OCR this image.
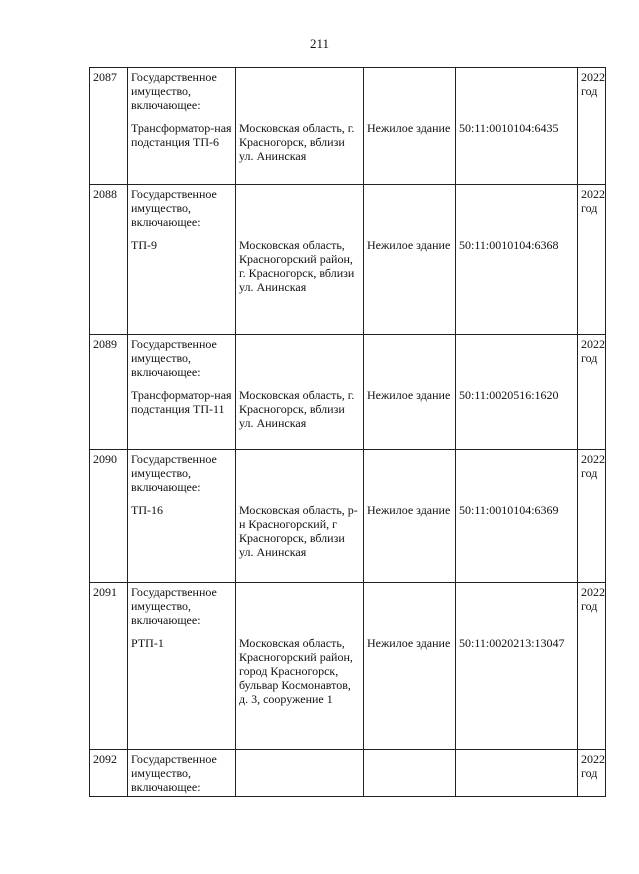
211
2087	Государственное имущество, включающее:
Трансформатор-ная подстанция ТП-6	Московская область, г. Красногорск, вблизи ул. Анинская	Нежилое здание	50:11:0010104:6435	2022 год

2088	Государственное имущество, включающее:
ТП-9	Московская область, Красногорский район, г. Красногорск, вблизи ул. Анинская	Нежилое здание	50:11:0010104:6368	2022 год

2089	Государственное имущество, включающее:
Трансформатор-ная подстанция ТП-11	Московская область, г. Красногорск, вблизи ул. Анинская	Нежилое здание	50:11:0020516:1620	2022 год

2090	Государственное имущество, включающее:
ТП-16	Московская область, р-н Красногорский, г Красногорск, вблизи ул. Анинская	Нежилое здание	50:11:0010104:6369	2022 год

2091	Государственное имущество, включающее:
РТП-1	Московская область, Красногорский район, город Красногорск, бульвар Космонавтов, д. 3, сооружение 1	Нежилое здание	50:11:0020213:13047	2022 год

2092	Государственное имущество, включающее:				2022 год
